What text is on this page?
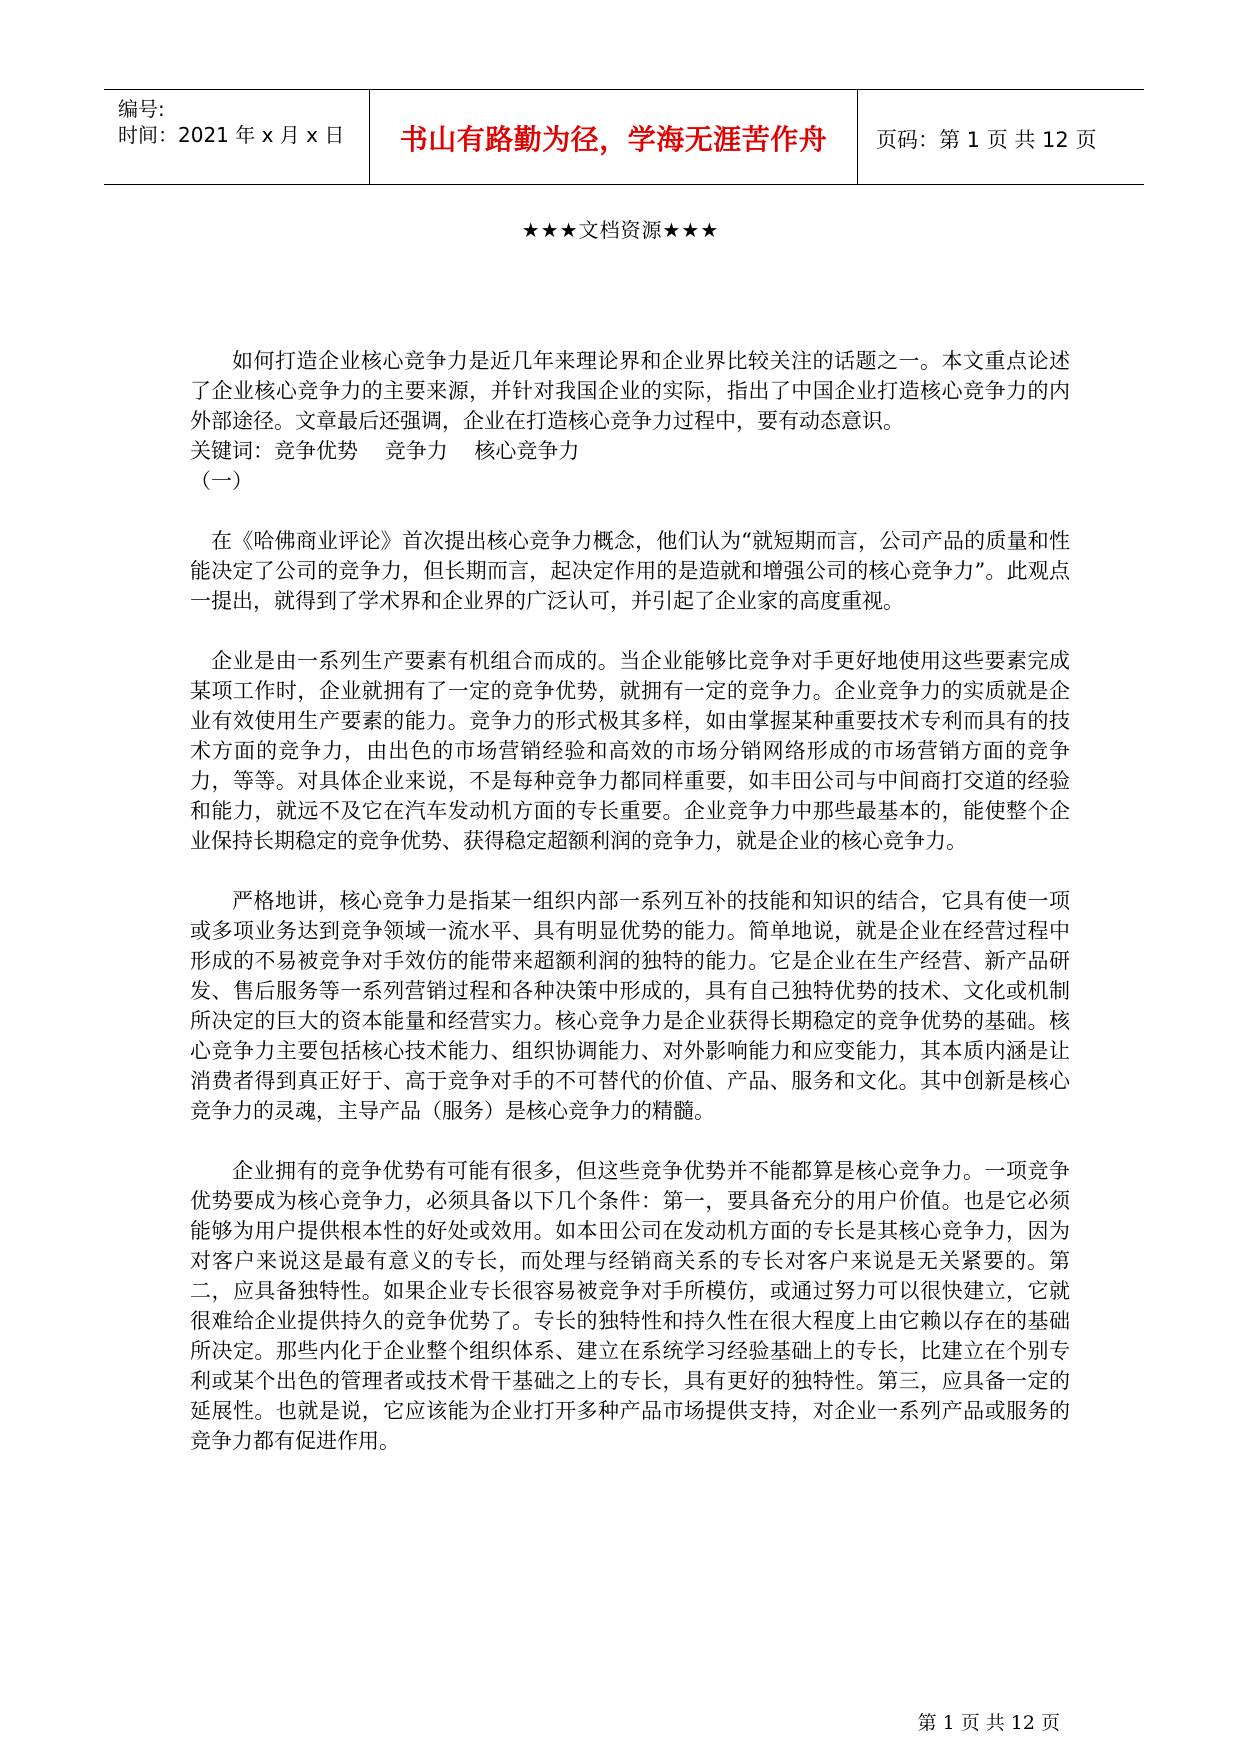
编号:
时间：2021 年 x 月 x 日	书山有路勤为径，学海无涯苦作舟	页码：第 1 页 共 12 页
★★★文档资源★★★

如何打造企业核心竞争力是近几年来理论界和企业界比较关注的话题之一。本文重点论述了企业核心竞争力的主要来源，并针对我国企业的实际，指出了中国企业打造核心竞争力的内外部途径。文章最后还强调，企业在打造核心竞争力过程中，要有动态意识。

关键词：竞争优势    竞争力    核心竞争力

（一）

在《哈佛商业评论》首次提出核心竞争力概念，他们认为“就短期而言，公司产品的质量和性能决定了公司的竞争力，但长期而言，起决定作用的是造就和增强公司的核心竞争力”。此观点一提出，就得到了学术界和企业界的广泛认可，并引起了企业家的高度重视。

企业是由一系列生产要素有机组合而成的。当企业能够比竞争对手更好地使用这些要素完成某项工作时，企业就拥有了一定的竞争优势，就拥有一定的竞争力。企业竞争力的实质就是企业有效使用生产要素的能力。竞争力的形式极其多样，如由掌握某种重要技术专利而具有的技术方面的竞争力，由出色的市场营销经验和高效的市场分销网络形成的市场营销方面的竞争力，等等。对具体企业来说，不是每种竞争力都同样重要，如丰田公司与中间商打交道的经验和能力，就远不及它在汽车发动机方面的专长重要。企业竞争力中那些最基本的，能使整个企业保持长期稳定的竞争优势、获得稳定超额利润的竞争力，就是企业的核心竞争力。

严格地讲，核心竞争力是指某一组织内部一系列互补的技能和知识的结合，它具有使一项或多项业务达到竞争领域一流水平、具有明显优势的能力。简单地说，就是企业在经营过程中形成的不易被竞争对手效仿的能带来超额利润的独特的能力。它是企业在生产经营、新产品研发、售后服务等一系列营销过程和各种决策中形成的，具有自己独特优势的技术、文化或机制所决定的巨大的资本能量和经营实力。核心竞争力是企业获得长期稳定的竞争优势的基础。核心竞争力主要包括核心技术能力、组织协调能力、对外影响能力和应变能力，其本质内涵是让消费者得到真正好于、高于竞争对手的不可替代的价值、产品、服务和文化。其中创新是核心竞争力的灵魂，主导产品（服务）是核心竞争力的精髓。

企业拥有的竞争优势有可能有很多，但这些竞争优势并不能都算是核心竞争力。一项竞争优势要成为核心竞争力，必须具备以下几个条件：第一，要具备充分的用户价值。也是它必须能够为用户提供根本性的好处或效用。如本田公司在发动机方面的专长是其核心竞争力，因为对客户来说这是最有意义的专长，而处理与经销商关系的专长对客户来说是无关紧要的。第二，应具备独特性。如果企业专长很容易被竞争对手所模仿，或通过努力可以很快建立，它就很难给企业提供持久的竞争优势了。专长的独特性和持久性在很大程度上由它赖以存在的基础所决定。那些内化于企业整个组织体系、建立在系统学习经验基础上的专长，比建立在个别专利或某个出色的管理者或技术骨干基础之上的专长，具有更好的独特性。第三，应具备一定的延展性。也就是说，它应该能为企业打开多种产品市场提供支持，对企业一系列产品或服务的竞争力都有促进作用。

第 1 页 共 12 页
